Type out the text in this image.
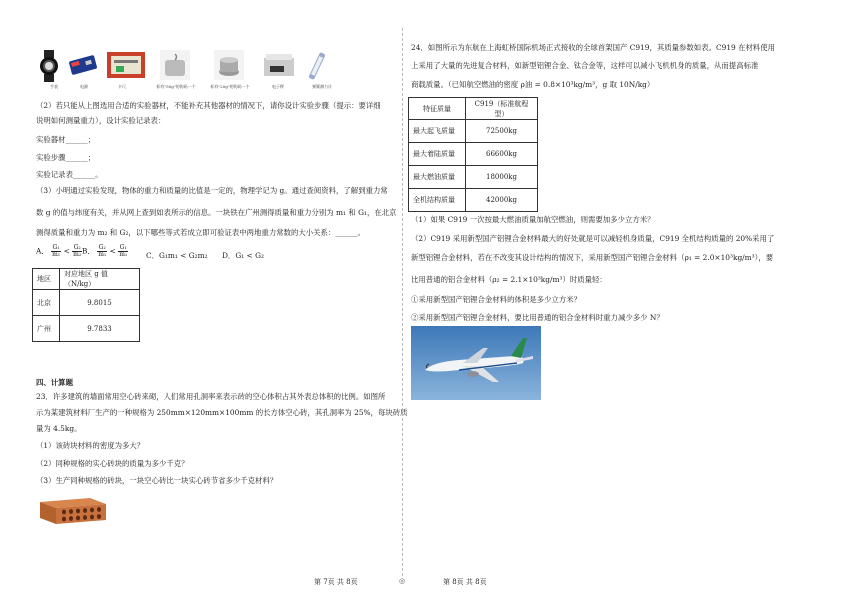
手表	电源	卡尺	标有"50g"的钩码一个	标有"20g"的钩码一个	电子秤	弹簧测力计
（2）若只能从上图选用合适的实验器材，不能补充其他器材的情况下，请你设计实验步骤（提示：要详细
说明如何测量重力），设计实验记录表：
实验器材______；
实验步骤______；
实验记录表______。
（3）小明通过实验发现，物体的重力和质量的比值是一定的，物理学记为 g。通过查阅资料，了解到重力常
数 g 的值与纬度有关，并从网上查到如表所示的信息。一块铁在广州测得质量和重力分别为 m₁ 和 G₁，在北京
测得质量和重力为 m₂ 和 G₂，以下哪些等式若成立即可验证表中两地重力常数的大小关系：______。
A． $\frac{\text{G₁}}{\text{m₁}} < \frac{\text{G₂}}{\text{m₂}}$ B． $\frac{\text{G₂}}{\text{m₁}} < \frac{\text{G₁}}{\text{m₁}}$ C．G₁m₁ < G₂m₂ D．G₁ < G₂
地区	对应地区 g 值（N/kg）
北京	9.8015
广州	9.7833
四、计算题
23．许多建筑的墙面常用空心砖来砌，人们常用孔洞率来表示砖的空心体积占其外表总体积的比例。如图所
示为某建筑材料厂生产的一种规格为 250mm×120mm×100mm 的长方体空心砖，其孔洞率为 25%，每块砖质
量为 4.5kg。
（1）该砖块材料的密度为多大？
（2）同种规格的实心砖块的质量为多少千克？
（3）生产同种规格的砖块，一块空心砖比一块实心砖节省多少千克材料？
24．如图所示为东航在上海虹桥国际机场正式接收的全球首架国产 C919，其质量参数如表。C919 在材料使用
上采用了大量的先进复合材料，如新型铝锂合金、钛合金等，这样可以减小飞机机身的质量，从而提高标准
商载质量。（已知航空燃油的密度 ρ油 = 0.8×10³kg/m³，g 取 10N/kg）
特征质量	C919（标准航程型）
最大起飞质量	72500kg
最大着陆质量	66600kg
最大燃油质量	18000kg
全机结构质量	42000kg
（1）如果 C919 一次按最大燃油质量加航空燃油，则需要加多少立方米？
（2）C919 采用新型国产铝锂合金材料最大的好处就是可以减轻机身质量，C919 全机结构质量的 20%采用了
新型铝锂合金材料，若在不改变其设计结构的情况下，采用新型国产铝锂合金材料（ρ₁ = 2.0×10³kg/m³），要
比用普通的铝合金材料（ρ₂ = 2.1×10³kg/m³）时质量轻：
①采用新型国产铝锂合金材料的体积是多少立方米？
②采用新型国产铝锂合金材料，要比用普通的铝合金材料时重力减少多少 N？
第 7页 共 8页	◎	第 8页 共 8页
